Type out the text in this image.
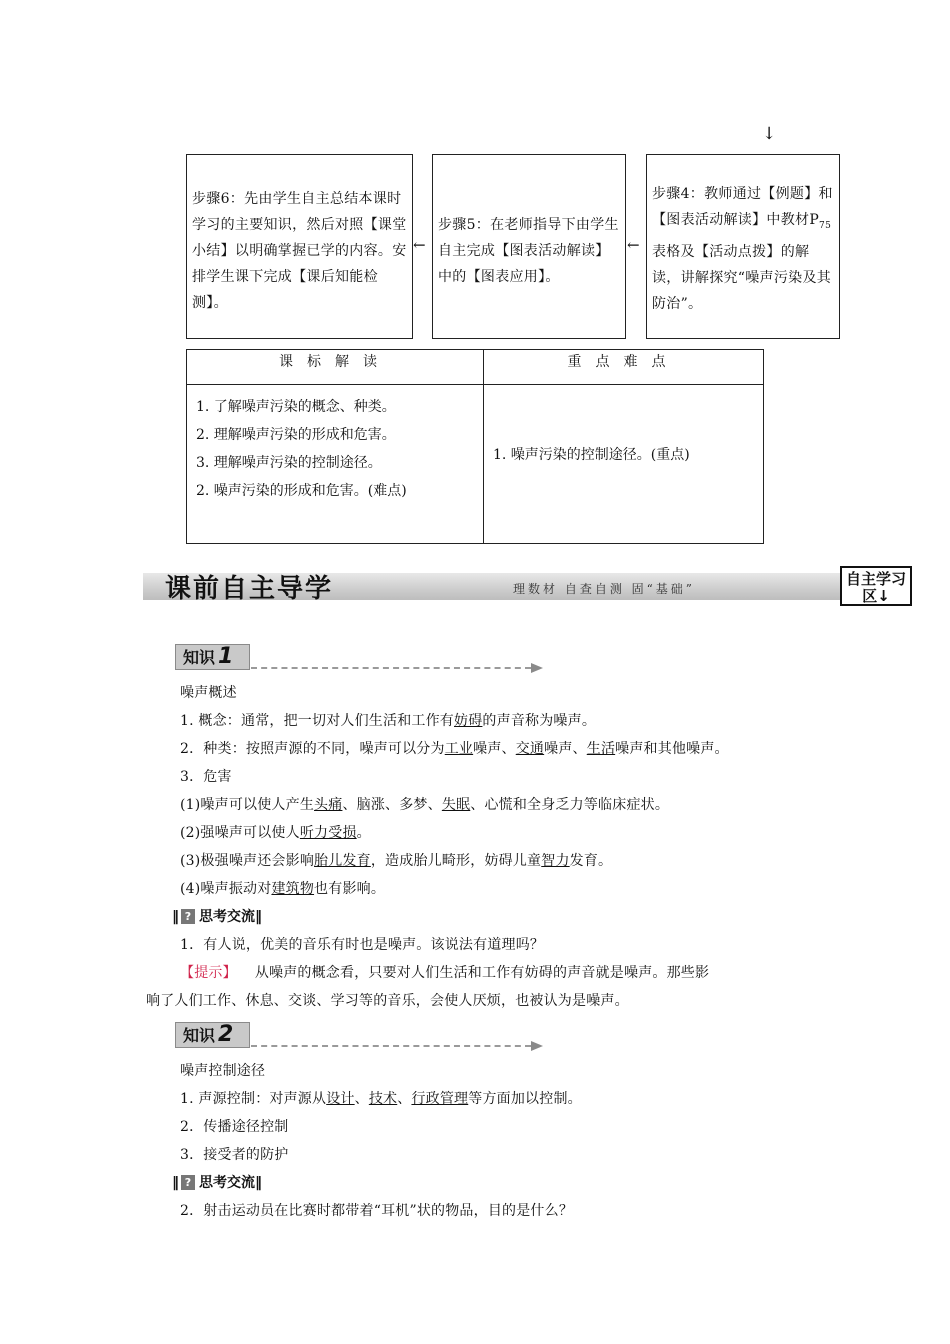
↓
步骤6：先由学生自主总结本课时学习的主要知识，然后对照【课堂小结】以明确掌握已学的内容。安排学生课下完成【课后知能检测】。
←
步骤5：在老师指导下由学生自主完成【图表活动解读】中的【图表应用】。
←
步骤4：教师通过【例题】和【图表活动解读】中教材$P_{75}$表格及【活动点拨】的解读，讲解探究“噪声污染及其防治”。
课标解读	重点难点

1. 了解噪声污染的概念、种类。
2. 理解噪声污染的形成和危害。
3. 理解噪声污染的控制途径。
2. 噪声污染的形成和危害。(难点)	1. 噪声污染的控制途径。(重点)
课前自主导学	理数材 自查自测 固“基础”
自主学习区↓
知识 1
噪声概述
1. 概念：通常，把一切对人们生活和工作有妨碍的声音称为噪声。
2．种类：按照声源的不同，噪声可以分为工业噪声、交通噪声、生活噪声和其他噪声。
3．危害
(1)噪声可以使人产生头痛、脑涨、多梦、失眠、心慌和全身乏力等临床症状。
(2)强噪声可以使人听力受损。
(3)极强噪声还会影响胎儿发育，造成胎儿畸形，妨碍儿童智力发育。
(4)噪声振动对建筑物也有影响。
‖ ? 思考交流‖
1．有人说，优美的音乐有时也是噪声。该说法有道理吗？
【提示】 从噪声的概念看，只要对人们生活和工作有妨碍的声音就是噪声。那些影
响了人们工作、休息、交谈、学习等的音乐，会使人厌烦，也被认为是噪声。
知识 2
噪声控制途径
1. 声源控制：对声源从设计、技术、行政管理等方面加以控制。
2．传播途径控制
3．接受者的防护
‖ ? 思考交流‖
2．射击运动员在比赛时都带着“耳机”状的物品，目的是什么？
